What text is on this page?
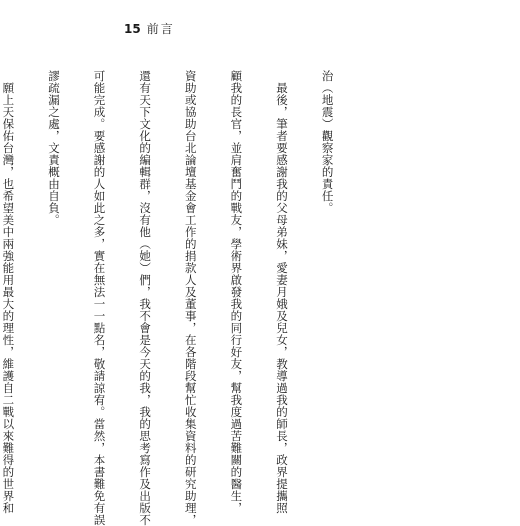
15 前言

治（地震）觀察家的責任。

　最後，筆者要感謝我的父母弟妹，愛妻月娥及兒女，教導過我的師長，政界提攜照

顧我的長官，並肩奮鬥的戰友，學術界啟發我的同行好友，幫我度過苦難關的醫生，

資助或協助台北論壇基金會工作的捐款人及董事，在各階段幫忙收集資料的研究助理，

還有天下文化的編輯群，沒有他（她）們，我不會是今天的我，我的思考寫作及出版不

可能完成。要感謝的人如此之多，實在無法一一點名，敬請諒宥。當然，本書難免有誤

謬疏漏之處，文責概由自負。

　願上天保佑台灣，也希望美中兩強能用最大的理性，維護自二戰以來難得的世界和
